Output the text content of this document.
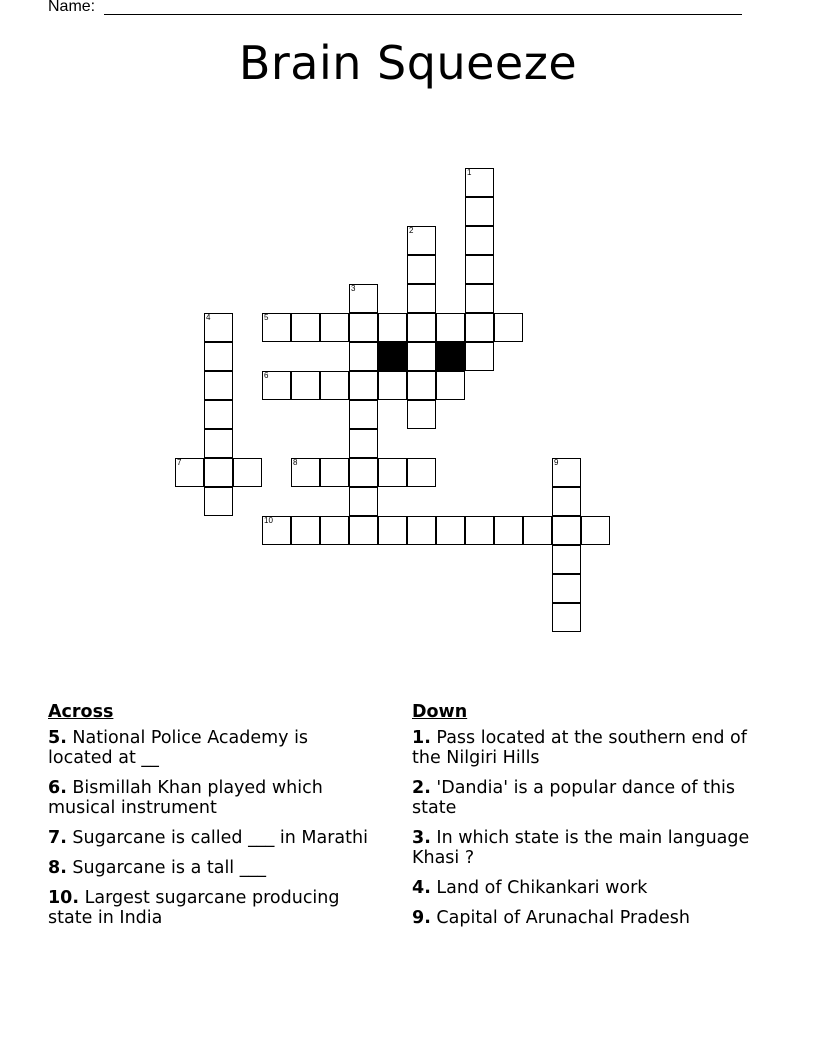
Name:
Brain Squeeze
1
2
3
4	5
6
7	8	9
10
Across
5. National Police Academy is located at __
6. Bismillah Khan played which musical instrument
7. Sugarcane is called ___ in Marathi
8. Sugarcane is a tall ___
10. Largest sugarcane producing state in India
Down
1. Pass located at the southern end of the Nilgiri Hills
2. 'Dandia' is a popular dance of this state
3. In which state is the main language Khasi ?
4. Land of Chikankari work
9. Capital of Arunachal Pradesh
